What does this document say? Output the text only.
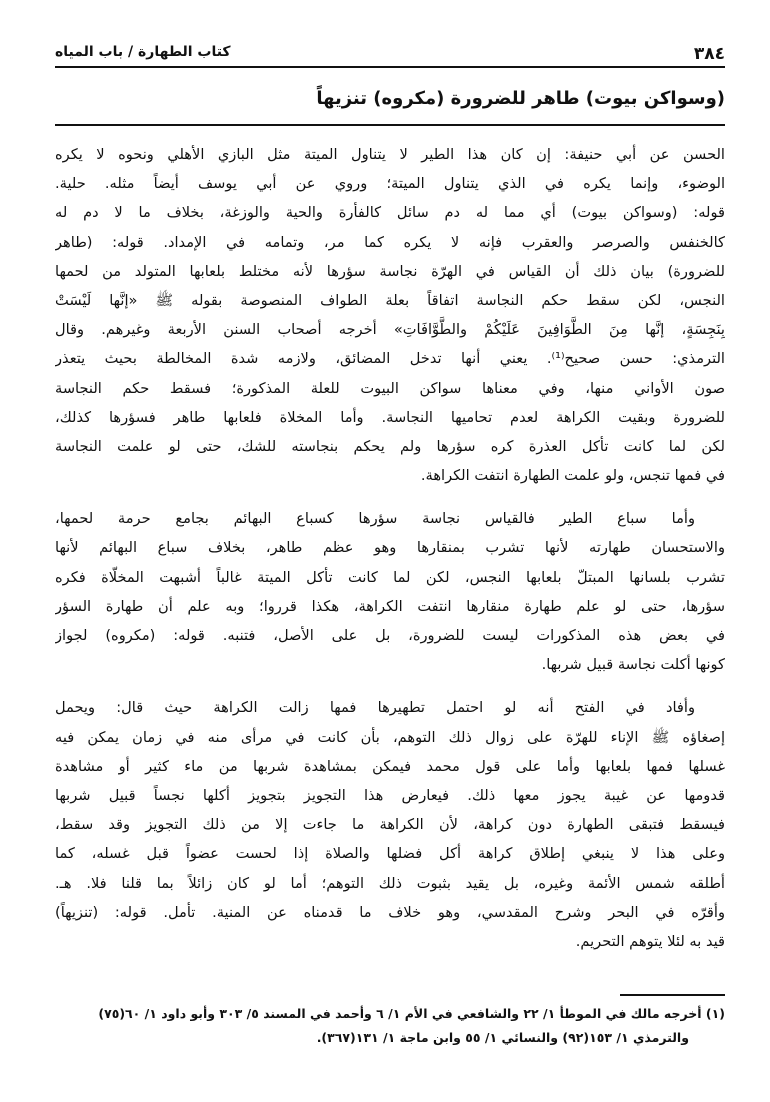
٣٨٤
كتاب الطهارة / باب المياه
(وسواكن بيوت) طاهر للضرورة (مكروه) تنزيهاً
الحسن عن أبي حنيفة: إن كان هذا الطير لا يتناول الميتة مثل البازي الأهلي ونحوه لا يكره
الوضوء، وإنما يكره في الذي يتناول الميتة؛ وروي عن أبي يوسف أيضاً مثله. حلية.
قوله: (وسواكن بيوت) أي مما له دم سائل كالفأرة والحية والوزغة، بخلاف ما لا دم له
كالخنفس والصرصر والعقرب فإنه لا يكره كما مر، وتمامه في الإمداد. قوله: (طاهر
للضرورة) بيان ذلك أن القياس في الهرّة نجاسة سؤرها لأنه مختلط بلعابها المتولد من لحمها
النجس، لكن سقط حكم النجاسة اتفاقاً بعلة الطواف المنصوصة بقوله ﷺ «إنَّها لَيْسَتْ
بِنَجِسَةٍ، إنَّها مِنَ الطَّوَافِينَ عَلَيْكُمْ والطَّوَّافَاتِ» أخرجه أصحاب السنن الأربعة وغيرهم. وقال
الترمذي: حسن صحيح⁽¹⁾. يعني أنها تدخل المضائق، ولازمه شدة المخالطة بحيث يتعذر
صون الأواني منها، وفي معناها سواكن البيوت للعلة المذكورة؛ فسقط حكم النجاسة
للضرورة وبقيت الكراهة لعدم تحاميها النجاسة. وأما المخلاة فلعابها طاهر فسؤرها كذلك،
لكن لما كانت تأكل العذرة كره سؤرها ولم يحكم بنجاسته للشك، حتى لو علمت النجاسة
في فمها تنجس، ولو علمت الطهارة انتفت الكراهة.
وأما سباع الطير فالقياس نجاسة سؤرها كسباع البهائم بجامع حرمة لحمها،
والاستحسان طهارته لأنها تشرب بمنقارها وهو عظم طاهر، بخلاف سباع البهائم لأنها
تشرب بلسانها المبتلّ بلعابها النجس، لكن لما كانت تأكل الميتة غالباً أشبهت المخلّاة فكره
سؤرها، حتى لو علم طهارة منقارها انتفت الكراهة، هكذا قرروا؛ وبه علم أن طهارة السؤر
في بعض هذه المذكورات ليست للضرورة، بل على الأصل، فتنبه. قوله: (مكروه) لجواز
كونها أكلت نجاسة قبيل شربها.
وأفاد في الفتح أنه لو احتمل تطهيرها فمها زالت الكراهة حيث قال: ويحمل
إصغاؤه ﷺ الإناء للهرّة على زوال ذلك التوهم، بأن كانت في مرأى منه في زمان يمكن فيه
غسلها فمها بلعابها وأما على قول محمد فيمكن بمشاهدة شربها من ماء كثير أو مشاهدة
قدومها عن غيبة يجوز معها ذلك. فيعارض هذا التجويز بتجويز أكلها نجساً قبيل شربها
فيسقط فتبقى الطهارة دون كراهة، لأن الكراهة ما جاءت إلا من ذلك التجويز وقد سقط،
وعلى هذا لا ينبغي إطلاق كراهة أكل فضلها والصلاة إذا لحست عضواً قبل غسله، كما
أطلقه شمس الأئمة وغيره، بل يقيد بثبوت ذلك التوهم؛ أما لو كان زائلاً بما قلنا فلا. هـ.
وأقرّه في البحر وشرح المقدسي، وهو خلاف ما قدمناه عن المنية. تأمل. قوله: (تنزيهاً)
قيد به لئلا يتوهم التحريم.
(١) أخرجه مالك في الموطأ ١/ ٢٢ والشافعي في الأم ١/ ٦ وأحمد في المسند ٥/ ٣٠٣ وأبو داود ١/ ٦٠(٧٥)
والترمذي ١/ ١٥٣(٩٢) والنسائي ١/ ٥٥ وابن ماجة ١/ ١٣١(٣٦٧).
